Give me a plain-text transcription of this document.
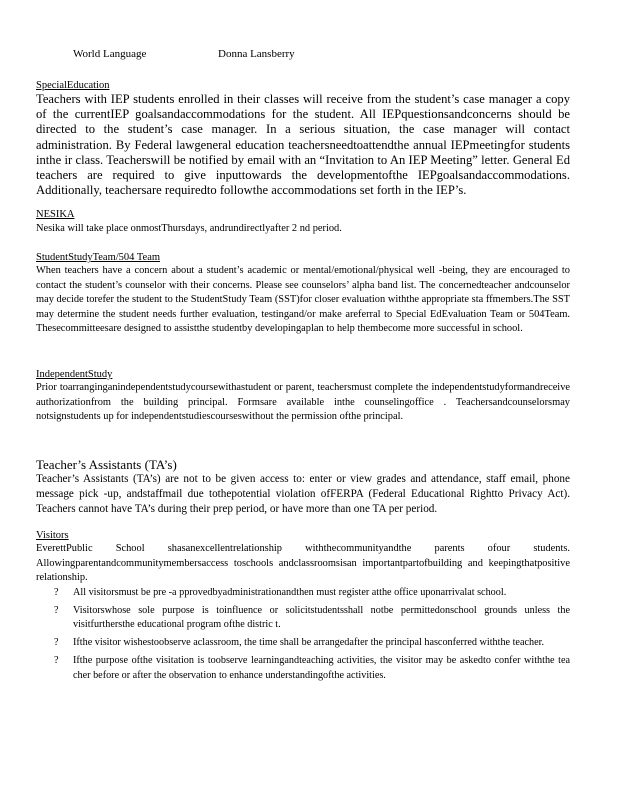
World Language	Donna Lansberry

SpecialEducation

Teachers with IEP students enrolled in their classes will receive from the student’s case manager a copy of the currentIEP goalsandaccommodations for the student. All IEPquestionsandconcerns should be directed to the student’s case manager. In a serious situation, the case manager will contact administration. By Federal lawgeneral education teachersneedtoattendthe annual IEPmeetingfor students inthe ir class. Teacherswill be notified by email with an “Invitation to An IEP Meeting” letter. General Ed teachers are required to give inputtowards the developmentofthe IEPgoalsandaccommodations. Additionally, teachersare requiredto followthe accommodations set forth in the IEP’s.

NESIKA

Nesika will take place onmostThursdays, andrundirectlyafter 2 nd period.

StudentStudyTeam/504 Team

When teachers have a concern about a student’s academic or mental/emotional/physical well -being, they are encouraged to contact the student’s counselor with their concerns. Please see counselors’ alpha band list. The concernedteacher andcounselor may decide torefer the student to the StudentStudy Team (SST)for closer evaluation withthe appropriate sta ffmembers.The SST may determine the student needs further evaluation, testingand/or make areferral to Special EdEvaluation Team or 504Team. Thesecommitteesare designed to assistthe studentby developingaplan to help thembecome more successful in school.

IndependentStudy

Prior toarranginganindependentstudycoursewithastudent or parent, teachersmust complete the independentstudyformandreceive authorizationfrom the building principal. Formsare available inthe counselingoffice . Teachersandcounselorsmay notsignstudents up for independentstudiescourseswithout the permission ofthe principal.

Teacher’s Assistants (TA’s)

Teacher’s Assistants (TA’s) are not to be given access to: enter or view grades and attendance, staff email, phone message pick -up, andstaffmail due tothepotential violation ofFERPA (Federal Educational Rightto Privacy Act). Teachers cannot have TA’s during their prep period, or have more than one TA per period.

Visitors

EverettPublic School shasanexcellentrelationship withthecommunityandthe parents ofour students. Allowingparentandcommunitymembersaccess toschools andclassroomsisan importantpartofbuilding and keepingthatpositive relationship.

? All visitorsmust be pre -a pprovedbyadministrationandthen must register atthe office uponarrivalat school.
? Visitorswhose sole purpose is toinfluence or solicitstudentsshall notbe permittedonschool grounds unless the visitfurthersthe educational program ofthe distric t.
? Ifthe visitor wishestoobserve aclassroom, the time shall be arrangedafter the principal hasconferred withthe teacher.
? Ifthe purpose ofthe visitation is toobserve learningandteaching activities, the visitor may be askedto confer withthe tea cher before or after the observation to enhance understandingofthe activities.
